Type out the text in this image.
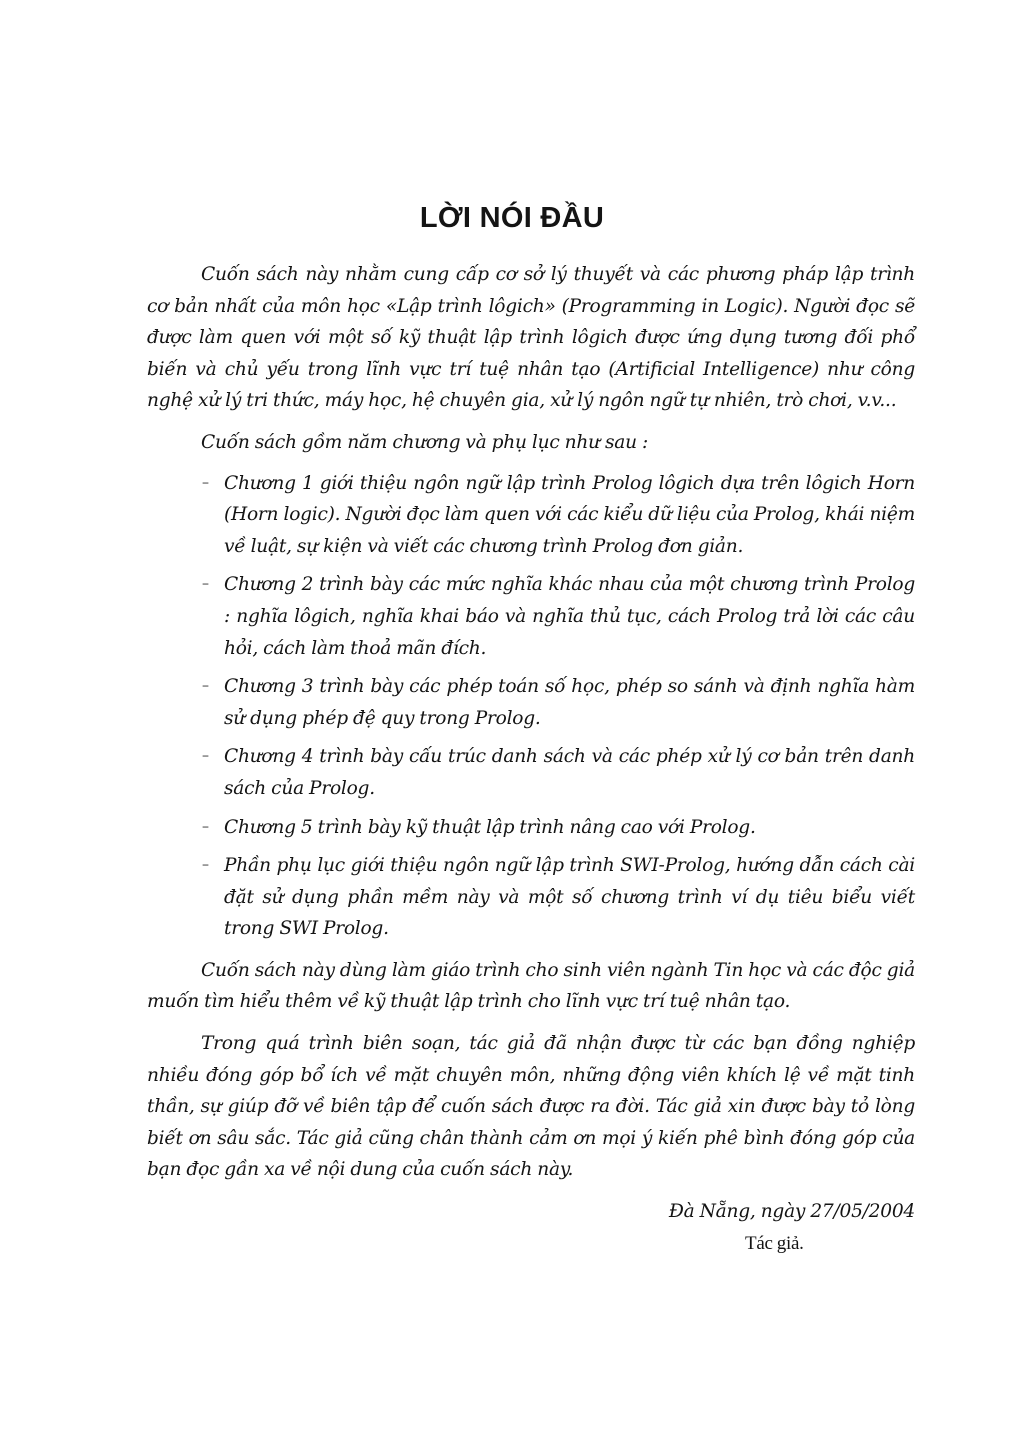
LỜI NÓI ĐẦU

Cuốn sách này nhằm cung cấp cơ sở lý thuyết và các phương pháp lập trình cơ bản nhất của môn học «Lập trình lôgich» (Programming in Logic). Người đọc sẽ được làm quen với một số kỹ thuật lập trình lôgich được ứng dụng tương đối phổ biến và chủ yếu trong lĩnh vực trí tuệ nhân tạo (Artificial Intelligence) như công nghệ xử lý tri thức, máy học, hệ chuyên gia, xử lý ngôn ngữ tự nhiên, trò chơi, v.v...

Cuốn sách gồm năm chương và phụ lục như sau :

– Chương 1 giới thiệu ngôn ngữ lập trình Prolog lôgich dựa trên lôgich Horn (Horn logic). Người đọc làm quen với các kiểu dữ liệu của Prolog, khái niệm về luật, sự kiện và viết các chương trình Prolog đơn giản.
– Chương 2 trình bày các mức nghĩa khác nhau của một chương trình Prolog : nghĩa lôgich, nghĩa khai báo và nghĩa thủ tục, cách Prolog trả lời các câu hỏi, cách làm thoả mãn đích.
– Chương 3 trình bày các phép toán số học, phép so sánh và định nghĩa hàm sử dụng phép đệ quy trong Prolog.
– Chương 4 trình bày cấu trúc danh sách và các phép xử lý cơ bản trên danh sách của Prolog.
– Chương 5 trình bày kỹ thuật lập trình nâng cao với Prolog.
– Phần phụ lục giới thiệu ngôn ngữ lập trình SWI-Prolog, hướng dẫn cách cài đặt sử dụng phần mềm này và một số chương trình ví dụ tiêu biểu viết trong SWI Prolog.

Cuốn sách này dùng làm giáo trình cho sinh viên ngành Tin học và các độc giả muốn tìm hiểu thêm về kỹ thuật lập trình cho lĩnh vực trí tuệ nhân tạo.

Trong quá trình biên soạn, tác giả đã nhận được từ các bạn đồng nghiệp nhiều đóng góp bổ ích về mặt chuyên môn, những động viên khích lệ về mặt tinh thần, sự giúp đỡ về biên tập để cuốn sách được ra đời. Tác giả xin được bày tỏ lòng biết ơn sâu sắc. Tác giả cũng chân thành cảm ơn mọi ý kiến phê bình đóng góp của bạn đọc gần xa về nội dung của cuốn sách này.

Đà Nẵng, ngày 27/05/2004

Tác giả.
